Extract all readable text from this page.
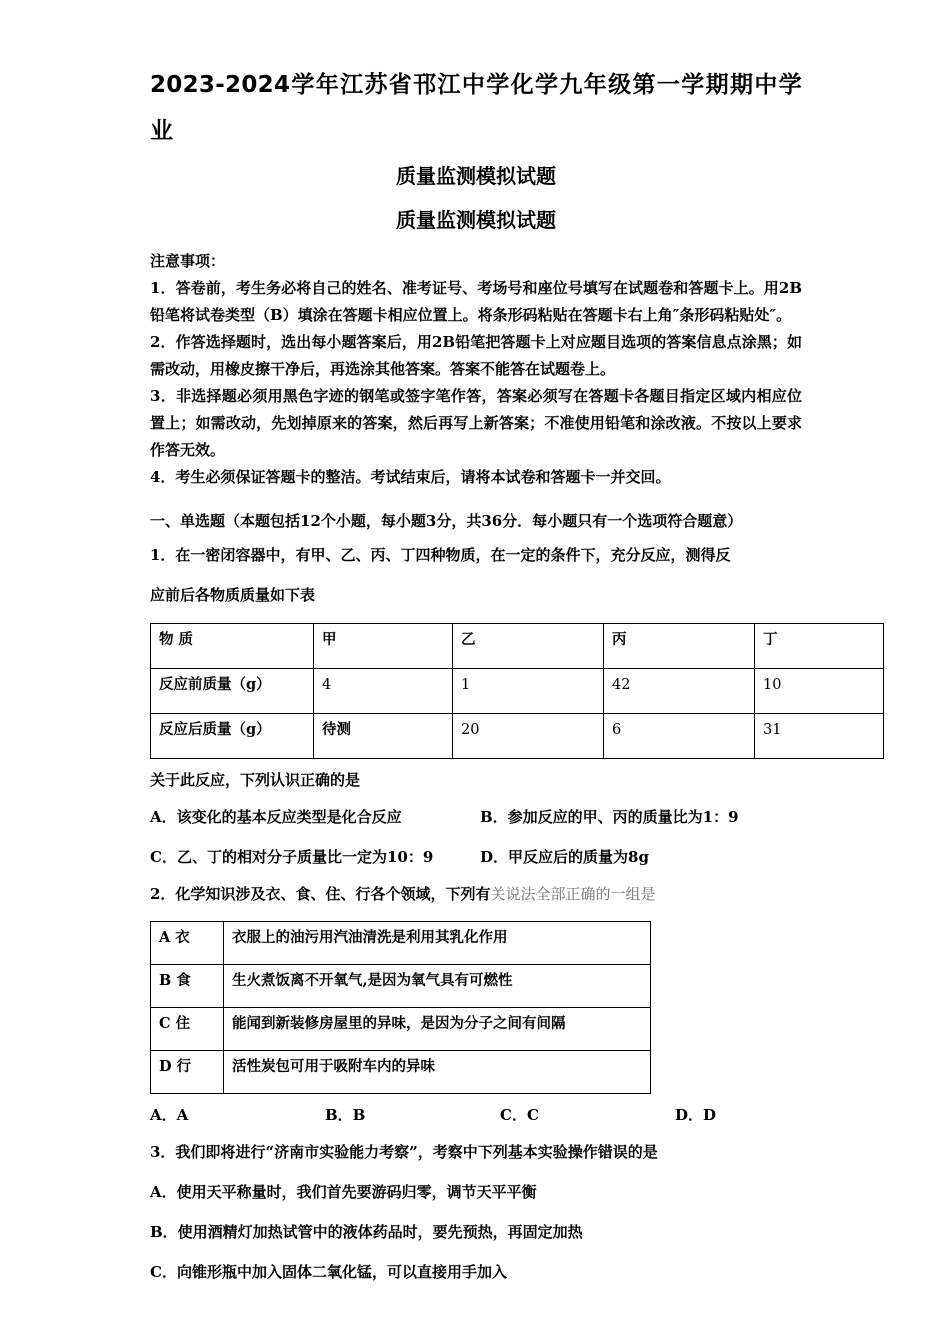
2023-2024学年江苏省邗江中学化学九年级第一学期期中学业
质量监测模拟试题
质量监测模拟试题
注意事项：
1．答卷前，考生务必将自己的姓名、准考证号、考场号和座位号填写在试题卷和答题卡上。用2B铅笔将试卷类型（B）填涂在答题卡相应位置上。将条形码粘贴在答题卡右上角″条形码粘贴处″。
2．作答选择题时，选出每小题答案后，用2B铅笔把答题卡上对应题目选项的答案信息点涂黑；如需改动，用橡皮擦干净后，再选涂其他答案。答案不能答在试题卷上。
3．非选择题必须用黑色字迹的钢笔或签字笔作答，答案必须写在答题卡各题目指定区域内相应位置上；如需改动，先划掉原来的答案，然后再写上新答案；不准使用铅笔和涂改液。不按以上要求作答无效。
4．考生必须保证答题卡的整洁。考试结束后，请将本试卷和答题卡一并交回。
一、单选题（本题包括12个小题，每小题3分，共36分．每小题只有一个选项符合题意）
1．在一密闭容器中，有甲、乙、丙、丁四种物质，在一定的条件下，充分反应，测得反
应前后各物质质量如下表
物 质	甲	乙	丙	丁
反应前质量（g）	4	1	42	10
反应后质量（g）	待测	20	6	31
关于此反应，下列认识正确的是
A．该变化的基本反应类型是化合反应	B．参加反应的甲、丙的质量比为1：9
C．乙、丁的相对分子质量比一定为10：9	D．甲反应后的质量为8g
2．化学知识涉及衣、食、住、行各个领域，下列有关说法全部正确的一组是
A 衣	衣服上的油污用汽油清洗是利用其乳化作用
B 食	生火煮饭离不开氧气,是因为氧气具有可燃性
C 住	能闻到新装修房屋里的异味，是因为分子之间有间隔
D 行	活性炭包可用于吸附车内的异味
A．A	B．B	C．C	D．D
3．我们即将进行“济南市实验能力考察”，考察中下列基本实验操作错误的是
A．使用天平称量时，我们首先要游码归零，调节天平平衡
B．使用酒精灯加热试管中的液体药品时，要先预热，再固定加热
C．向锥形瓶中加入固体二氧化锰，可以直接用手加入
